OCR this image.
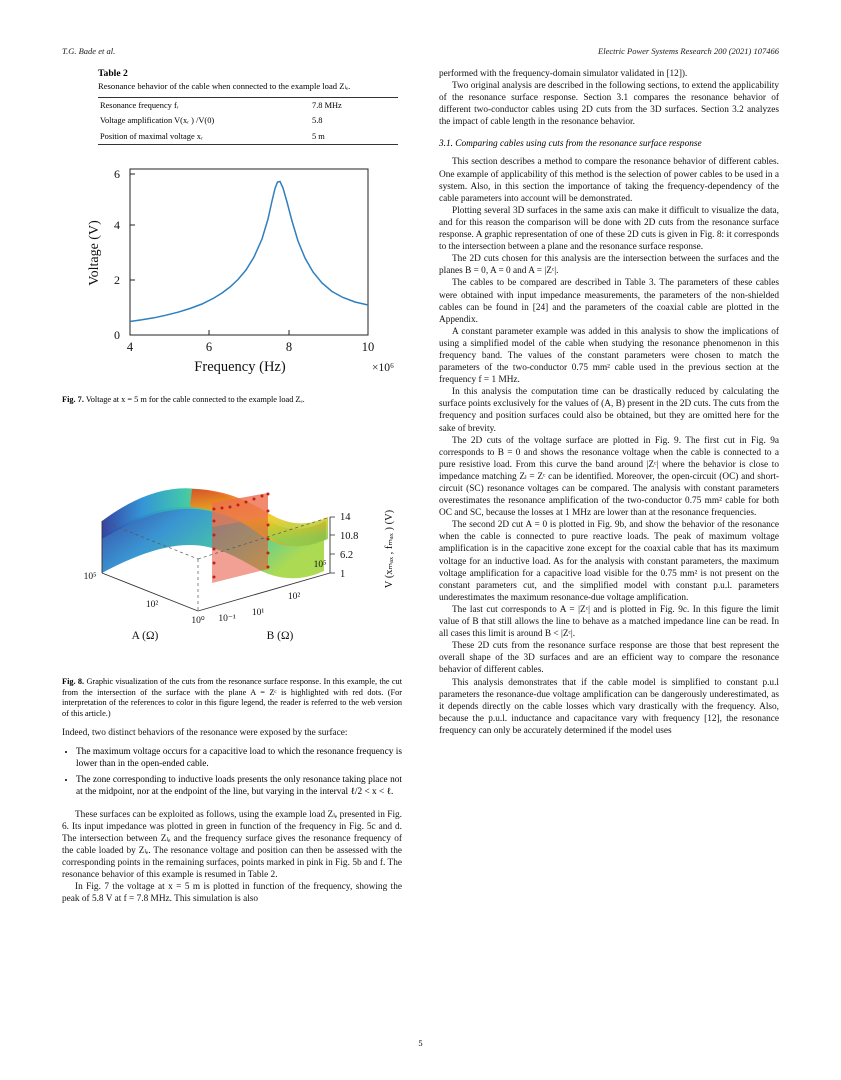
T.G. Bade et al.	Electric Power Systems Research 200 (2021) 107466
Table 2
Resonance behavior of the cable when connected to the example load Zₗₑ.
Resonance frequency fᵣ	7.8 MHz
Voltage amplification V(xᵣ ) /V(0)	5.8
Position of maximal voltage xᵣ	5 m
0
2
4
6
4	6	8	10
Voltage (V)
Frequency (Hz)	×10⁶
Fig. 7. Voltage at x = 5 m for the cable connected to the example load Zₑ.
14
10.8
6.2
1	V (xₘₐₓ , fₘₐₓ ) (V)
10⁵
10²
10⁰
A (Ω)
10⁻¹
10¹
10²
10⁵
B (Ω)
Fig. 8. Graphic visualization of the cuts from the resonance surface response. In this example, the cut from the intersection of the surface with the plane A = Zᶜ is highlighted with red dots. (For interpretation of the references to color in this figure legend, the reader is referred to the web version of this article.)

Indeed, two distinct behaviors of the resonance were exposed by the surface:

• The maximum voltage occurs for a capacitive load to which the resonance frequency is lower than in the open-ended cable.
• The zone corresponding to inductive loads presents the only resonance taking place not at the midpoint, nor at the endpoint of the line, but varying in the interval ℓ/2 < x < ℓ.

These surfaces can be exploited as follows, using the example load Zₗₑ presented in Fig. 6. Its input impedance was plotted in green in function of the frequency in Fig. 5c and d. The intersection between Zₗₑ and the frequency surface gives the resonance frequency of the cable loaded by Zₗₑ. The resonance voltage and position can then be assessed with the corresponding points in the remaining surfaces, points marked in pink in Fig. 5b and f. The resonance behavior of this example is resumed in Table 2.

In Fig. 7 the voltage at x = 5 m is plotted in function of the frequency, showing the peak of 5.8 V at f = 7.8 MHz. This simulation is also

performed with the frequency-domain simulator validated in [12]).

Two original analysis are described in the following sections, to extend the applicability of the resonance surface response. Section 3.1 compares the resonance behavior of different two-conductor cables using 2D cuts from the 3D surfaces. Section 3.2 analyzes the impact of cable length in the resonance behavior.

3.1. Comparing cables using cuts from the resonance surface response

This section describes a method to compare the resonance behavior of different cables. One example of applicability of this method is the selection of power cables to be used in a system. Also, in this section the importance of taking the frequency-dependency of the cable parameters into account will be demonstrated.

Plotting several 3D surfaces in the same axis can make it difficult to visualize the data, and for this reason the comparison will be done with 2D cuts from the resonance surface response. A graphic representation of one of these 2D cuts is given in Fig. 8: it corresponds to the intersection between a plane and the resonance surface response.

The 2D cuts chosen for this analysis are the intersection between the surfaces and the planes B = 0, A = 0 and A = |Zᶜ|.

The cables to be compared are described in Table 3. The parameters of these cables were obtained with input impedance measurements, the parameters of the non-shielded cables can be found in [24] and the parameters of the coaxial cable are plotted in the Appendix.

A constant parameter example was added in this analysis to show the implications of using a simplified model of the cable when studying the resonance phenomenon in this frequency band. The values of the constant parameters were chosen to match the parameters of the two-conductor 0.75 mm² cable used in the previous section at the frequency f = 1 MHz.

In this analysis the computation time can be drastically reduced by calculating the surface points exclusively for the values of (A, B) present in the 2D cuts. The cuts from the frequency and position surfaces could also be obtained, but they are omitted here for the sake of brevity.

The 2D cuts of the voltage surface are plotted in Fig. 9. The first cut in Fig. 9a corresponds to B = 0 and shows the resonance voltage when the cable is connected to a pure resistive load. From this curve the band around |Zᶜ| where the behavior is close to impedance matching Zₗ = Zᶜ can be identified. Moreover, the open-circuit (OC) and short-circuit (SC) resonance voltages can be compared. The analysis with constant parameters overestimates the resonance amplification of the two-conductor 0.75 mm² cable for both OC and SC, because the losses at 1 MHz are lower than at the resonance frequencies.

The second 2D cut A = 0 is plotted in Fig. 9b, and show the behavior of the resonance when the cable is connected to pure reactive loads. The peak of maximum voltage amplification is in the capacitive zone except for the coaxial cable that has its maximum voltage for an inductive load. As for the analysis with constant parameters, the maximum voltage amplification for a capacitive load visible for the 0.75 mm² is not present on the constant parameters cut, and the simplified model with constant p.u.l. parameters underestimates the maximum resonance-due voltage amplification.

The last cut corresponds to A = |Zᶜ| and is plotted in Fig. 9c. In this figure the limit value of B that still allows the line to behave as a matched impedance line can be read. In all cases this limit is around B < |Zᶜ|.

These 2D cuts from the resonance surface response are those that best represent the overall shape of the 3D surfaces and are an efficient way to compare the resonance behavior of different cables.

This analysis demonstrates that if the cable model is simplified to constant p.u.l parameters the resonance-due voltage amplification can be dangerously underestimated, as it depends directly on the cable losses which vary drastically with the frequency. Also, because the p.u.l. inductance and capacitance vary with frequency [12], the resonance frequency can only be accurately determined if the model uses

5
